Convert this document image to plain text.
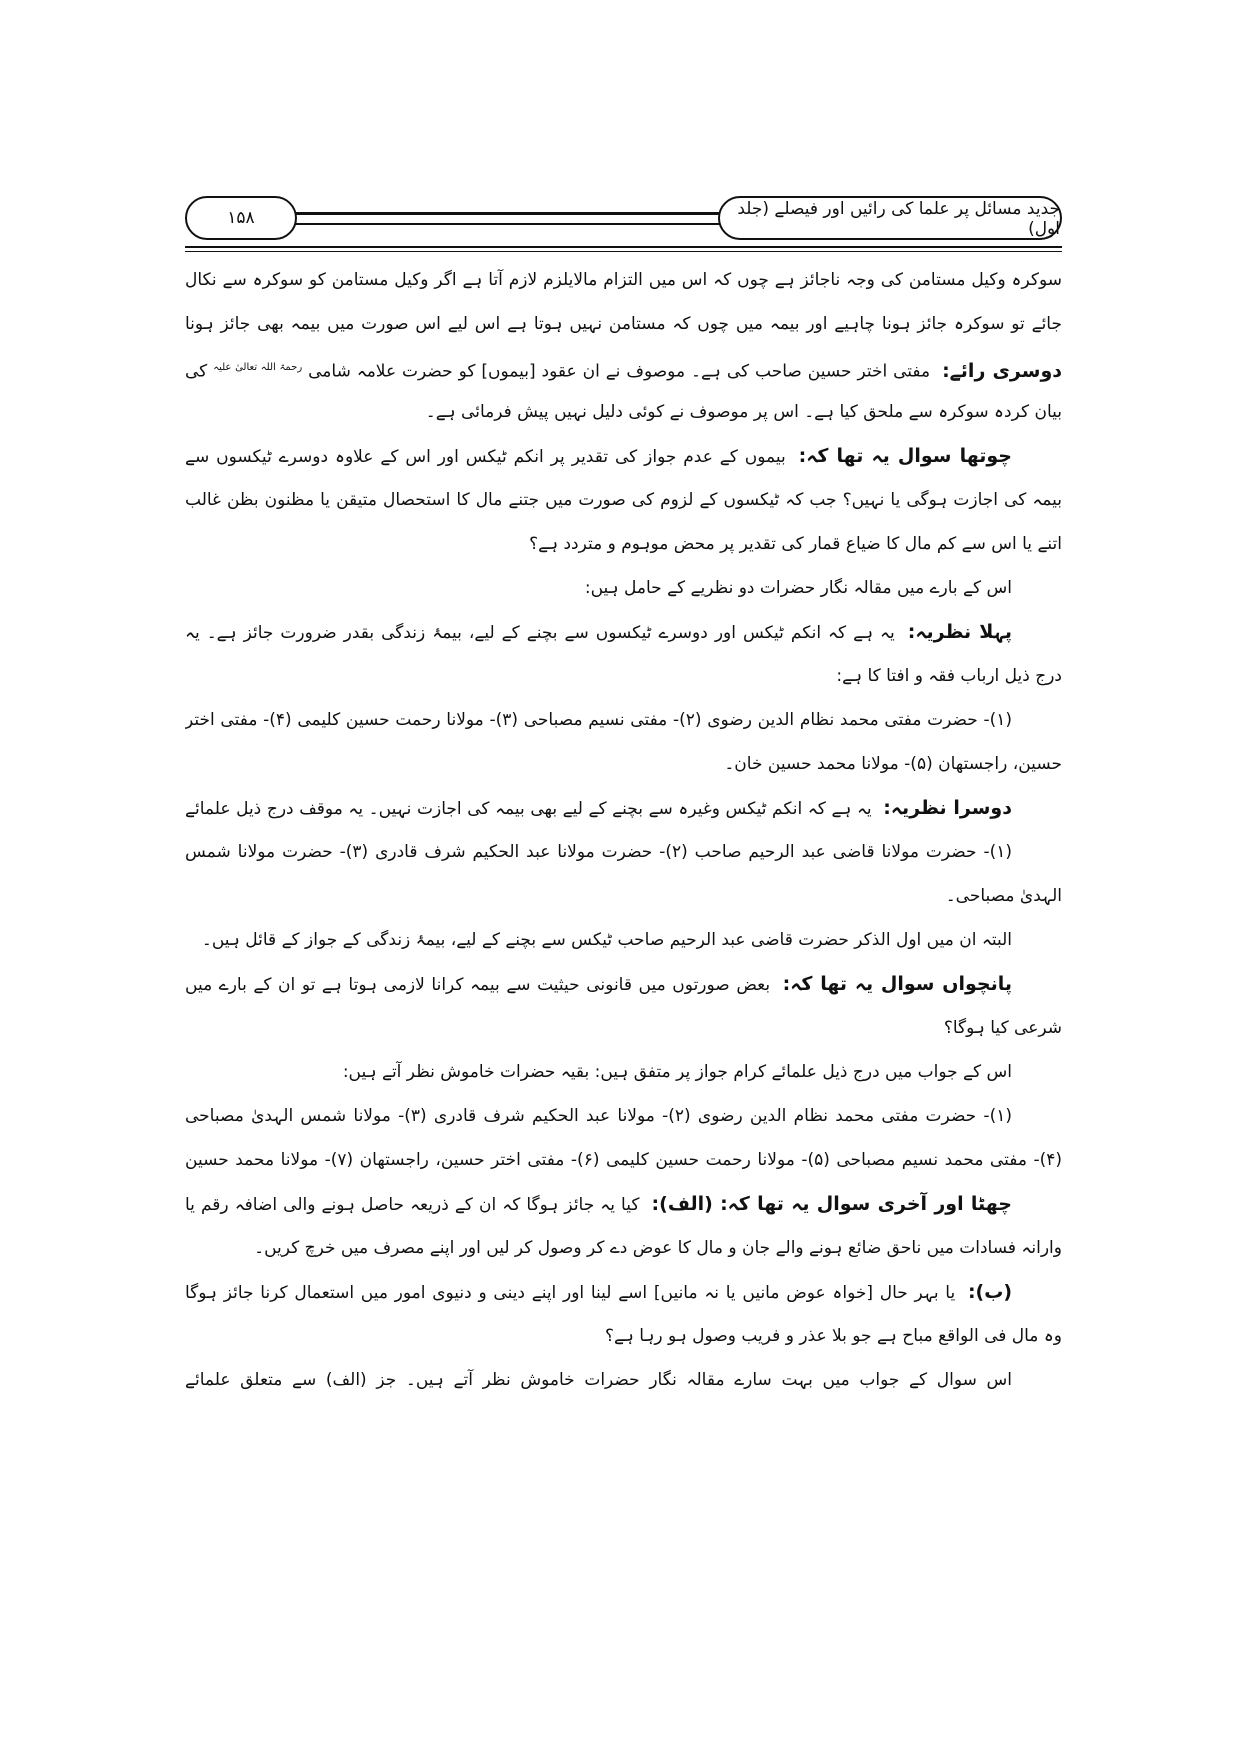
۱۵۸	جدید مسائل پر علما کی رائیں اور فیصلے (جلد اول)
سوکرہ وکیل مستامن کی وجہ ناجائز ہے چوں کہ اس میں التزام مالایلزم لازم آتا ہے اگر وکیل مستامن کو سوکرہ سے نکال
جائے تو سوکرہ جائز ہونا چاہیے اور بیمہ میں چوں کہ مستامن نہیں ہوتا ہے اس لیے اس صورت میں بیمہ بھی جائز ہونا
دوسری رائے: مفتی اختر حسین صاحب کی ہے۔ موصوف نے ان عقود [بیموں] کو حضرت علامہ شامی $^{رحمۃ اللہ تعالیٰ علیہ}$ کی
بیان کردہ سوکرہ سے ملحق کیا ہے۔ اس پر موصوف نے کوئی دلیل نہیں پیش فرمائی ہے۔
چوتھا سوال یہ تھا کہ: بیموں کے عدم جواز کی تقدیر پر انکم ٹیکس اور اس کے علاوہ دوسرے ٹیکسوں سے
بیمہ کی اجازت ہوگی یا نہیں؟ جب کہ ٹیکسوں کے لزوم کی صورت میں جتنے مال کا استحصال متیقن یا مظنون بظن غالب
اتنے یا اس سے کم مال کا ضیاع قمار کی تقدیر پر محض موہوم و متردد ہے؟
اس کے بارے میں مقالہ نگار حضرات دو نظریے کے حامل ہیں:
پہلا نظریہ: یہ ہے کہ انکم ٹیکس اور دوسرے ٹیکسوں سے بچنے کے لیے، بیمۂ زندگی بقدر ضرورت جائز ہے۔ یہ
درج ذیل ارباب فقہ و افتا کا ہے:
(۱)- حضرت مفتی محمد نظام الدین رضوی (۲)- مفتی نسیم مصباحی (۳)- مولانا رحمت حسین کلیمی (۴)- مفتی اختر
حسین، راجستھان (۵)- مولانا محمد حسین خان۔
دوسرا نظریہ: یہ ہے کہ انکم ٹیکس وغیرہ سے بچنے کے لیے بھی بیمہ کی اجازت نہیں۔ یہ موقف درج ذیل علمائے
(۱)- حضرت مولانا قاضی عبد الرحیم صاحب (۲)- حضرت مولانا عبد الحکیم شرف قادری (۳)- حضرت مولانا شمس
الہدیٰ مصباحی۔
البتہ ان میں اول الذکر حضرت قاضی عبد الرحیم صاحب ٹیکس سے بچنے کے لیے، بیمۂ زندگی کے جواز کے قائل ہیں۔
پانچواں سوال یہ تھا کہ: بعض صورتوں میں قانونی حیثیت سے بیمہ کرانا لازمی ہوتا ہے تو ان کے بارے میں
شرعی کیا ہوگا؟
اس کے جواب میں درج ذیل علمائے کرام جواز پر متفق ہیں: بقیہ حضرات خاموش نظر آتے ہیں:
(۱)- حضرت مفتی محمد نظام الدین رضوی (۲)- مولانا عبد الحکیم شرف قادری (۳)- مولانا شمس الہدیٰ مصباحی
(۴)- مفتی محمد نسیم مصباحی (۵)- مولانا رحمت حسین کلیمی (۶)- مفتی اختر حسین، راجستھان (۷)- مولانا محمد حسین
چھٹا اور آخری سوال یہ تھا کہ: (الف): کیا یہ جائز ہوگا کہ ان کے ذریعہ حاصل ہونے والی اضافہ رقم یا
وارانہ فسادات میں ناحق ضائع ہونے والے جان و مال کا عوض دے کر وصول کر لیں اور اپنے مصرف میں خرچ کریں۔
(ب): یا بہر حال [خواہ عوض مانیں یا نہ مانیں] اسے لینا اور اپنے دینی و دنیوی امور میں استعمال کرنا جائز ہوگا
وہ مال فی الواقع مباح ہے جو بلا عذر و فریب وصول ہو رہا ہے؟
اس سوال کے جواب میں بہت سارے مقالہ نگار حضرات خاموش نظر آتے ہیں۔ جز (الف) سے متعلق علمائے
